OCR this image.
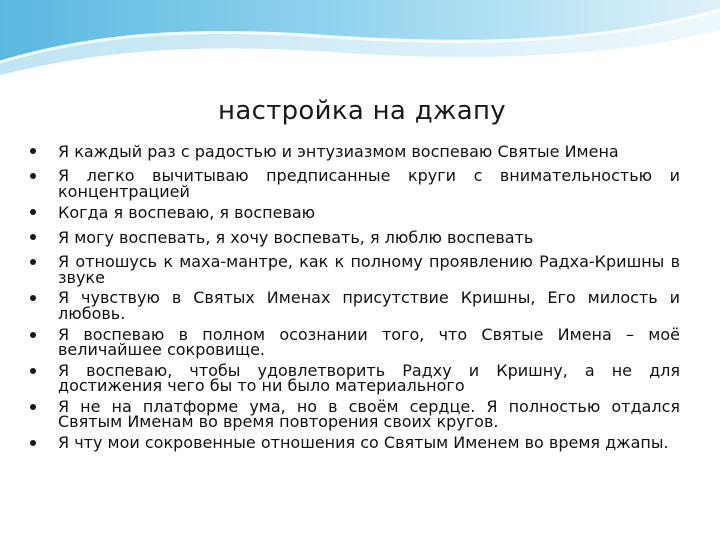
настройка на джапу
Я каждый раз с радостью и энтузиазмом воспеваю Святые Имена
Я легко вычитываю предписанные круги с внимательностью и концентрацией
Когда я воспеваю, я воспеваю
Я могу воспевать, я хочу воспевать, я люблю воспевать
Я отношусь к маха-мантре, как к полному проявлению Радха-Кришны в звуке
Я чувствую в Святых Именах присутствие Кришны, Его милость и любовь.
Я воспеваю в полном осознании того, что Святые Имена – моё величайшее сокровище.
Я воспеваю, чтобы удовлетворить Радху и Кришну, а не для достижения чего бы то ни было материального
Я не на платформе ума, но в своём сердце. Я полностью отдался Святым Именам во время повторения своих кругов.
Я чту мои сокровенные отношения со Святым Именем во время джапы.
